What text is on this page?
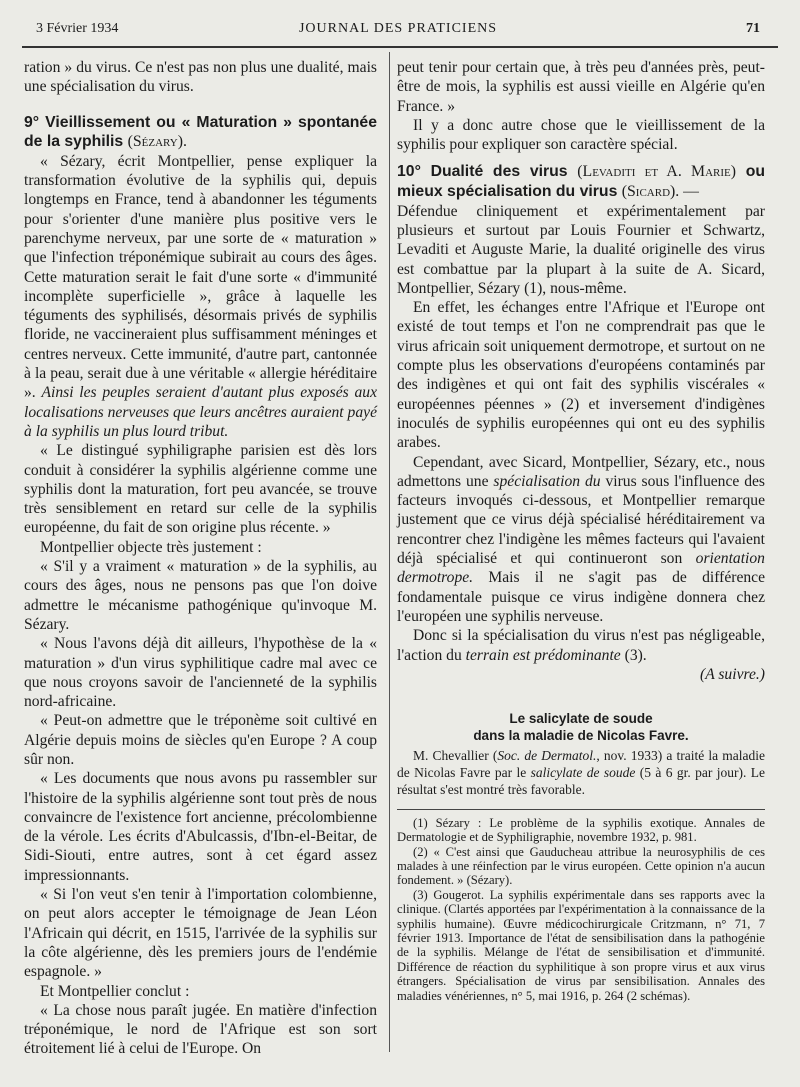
3 Février 1934	JOURNAL DES PRATICIENS	71

ration » du virus. Ce n'est pas non plus une dualité, mais une spécialisation du virus.

9° Vieillissement ou « Maturation » spontanée de la syphilis (Sézary).

« Sézary, écrit Montpellier, pense expliquer la transformation évolutive de la syphilis qui, depuis longtemps en France, tend à abandonner les téguments pour s'orienter d'une manière plus positive vers le parenchyme nerveux, par une sorte de « maturation » que l'infection tréponémique subirait au cours des âges. Cette maturation serait le fait d'une sorte « d'immunité incomplète superficielle », grâce à laquelle les téguments des syphilisés, désormais privés de syphilis floride, ne vaccineraient plus suffisamment méninges et centres nerveux. Cette immunité, d'autre part, cantonnée à la peau, serait due à une véritable « allergie héréditaire ». Ainsi les peuples seraient d'autant plus exposés aux localisations nerveuses que leurs ancêtres auraient payé à la syphilis un plus lourd tribut.

« Le distingué syphiligraphe parisien est dès lors conduit à considérer la syphilis algérienne comme une syphilis dont la maturation, fort peu avancée, se trouve très sensiblement en retard sur celle de la syphilis européenne, du fait de son origine plus récente. »

Montpellier objecte très justement :

« S'il y a vraiment « maturation » de la syphilis, au cours des âges, nous ne pensons pas que l'on doive admettre le mécanisme pathogénique qu'invoque M. Sézary.

« Nous l'avons déjà dit ailleurs, l'hypothèse de la « maturation » d'un virus syphilitique cadre mal avec ce que nous croyons savoir de l'ancienneté de la syphilis nord-africaine.

« Peut-on admettre que le tréponème soit cultivé en Algérie depuis moins de siècles qu'en Europe ? A coup sûr non.

« Les documents que nous avons pu rassembler sur l'histoire de la syphilis algérienne sont tout près de nous convaincre de l'existence fort ancienne, précolombienne de la vérole. Les écrits d'Abulcassis, d'Ibn-el-Beitar, de Sidi-Siouti, entre autres, sont à cet égard assez impressionnants.

« Si l'on veut s'en tenir à l'importation colombienne, on peut alors accepter le témoignage de Jean Léon l'Africain qui décrit, en 1515, l'arrivée de la syphilis sur la côte algérienne, dès les premiers jours de l'endémie espagnole. »

Et Montpellier conclut :

« La chose nous paraît jugée. En matière d'infection tréponémique, le nord de l'Afrique est son sort étroitement lié à celui de l'Europe. On

peut tenir pour certain que, à très peu d'années près, peut-être de mois, la syphilis est aussi vieille en Algérie qu'en France. »

Il y a donc autre chose que le vieillissement de la syphilis pour expliquer son caractère spécial.

10° Dualité des virus (Levaditi et A. Marie) ou mieux spécialisation du virus (Sicard). —

Défendue cliniquement et expérimentalement par plusieurs et surtout par Louis Fournier et Schwartz, Levaditi et Auguste Marie, la dualité originelle des virus est combattue par la plupart à la suite de A. Sicard, Montpellier, Sézary (1), nous-même.

En effet, les échanges entre l'Afrique et l'Europe ont existé de tout temps et l'on ne comprendrait pas que le virus africain soit uniquement dermotrope, et surtout on ne compte plus les observations d'européens contaminés par des indigènes et qui ont fait des syphilis viscérales « européennes péennes » (2) et inversement d'indigènes inoculés de syphilis européennes qui ont eu des syphilis arabes.

Cependant, avec Sicard, Montpellier, Sézary, etc., nous admettons une spécialisation du virus sous l'influence des facteurs invoqués ci-dessous, et Montpellier remarque justement que ce virus déjà spécialisé héréditairement va rencontrer chez l'indigène les mêmes facteurs qui l'avaient déjà spécialisé et qui continueront son orientation dermotrope. Mais il ne s'agit pas de différence fondamentale puisque ce virus indigène donnera chez l'européen une syphilis nerveuse.

Donc si la spécialisation du virus n'est pas négligeable, l'action du terrain est prédominante (3).

(A suivre.)

Le salicylate de soude

dans la maladie de Nicolas Favre.

M. Chevallier (Soc. de Dermatol., nov. 1933) a traité la maladie de Nicolas Favre par le salicylate de soude (5 à 6 gr. par jour). Le résultat s'est montré très favorable.

(1) Sézary : Le problème de la syphilis exotique. Annales de Dermatologie et de Syphiligraphie, novembre 1932, p. 981.

(2) « C'est ainsi que Gauducheau attribue la neurosyphilis de ces malades à une réinfection par le virus européen. Cette opinion n'a aucun fondement. » (Sézary).

(3) Gougerot. La syphilis expérimentale dans ses rapports avec la clinique. (Clartés apportées par l'expérimentation à la connaissance de la syphilis humaine). Œuvre médicochirurgicale Critzmann, n° 71, 7 février 1913. Importance de l'état de sensibilisation dans la pathogénie de la syphilis. Mélange de l'état de sensibilisation et d'immunité. Différence de réaction du syphilitique à son propre virus et aux virus étrangers. Spécialisation de virus par sensibilisation. Annales des maladies vénériennes, n° 5, mai 1916, p. 264 (2 schémas).
